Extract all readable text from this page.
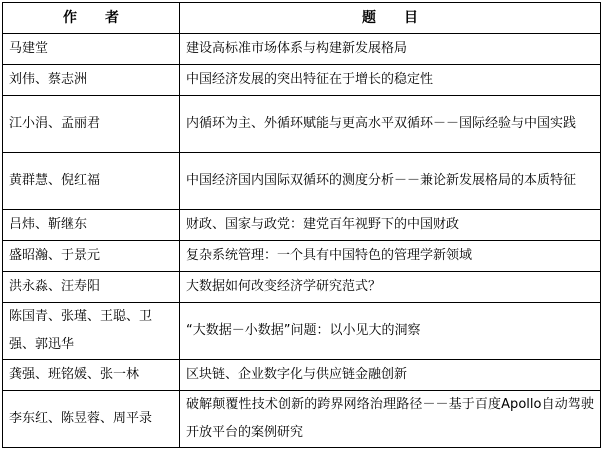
作　　者	题　　目
马建堂	建设高标准市场体系与构建新发展格局
刘伟、蔡志洲	中国经济发展的突出特征在于增长的稳定性
江小涓、孟丽君	内循环为主、外循环赋能与更高水平双循环－－国际经验与中国实践
黄群慧、倪红福	中国经济国内国际双循环的测度分析－－兼论新发展格局的本质特征
吕炜、靳继东	财政、国家与政党：建党百年视野下的中国财政
盛昭瀚、于景元	复杂系统管理：一个具有中国特色的管理学新领域
洪永淼、汪寿阳	大数据如何改变经济学研究范式？
陈国青、张瑾、王聪、卫强、郭迅华	“大数据－小数据”问题：以小见大的洞察
龚强、班铭媛、张一林	区块链、企业数字化与供应链金融创新
李东红、陈昱蓉、周平录	破解颠覆性技术创新的跨界网络治理路径－－基于百度Apollo自动驾驶开放平台的案例研究
